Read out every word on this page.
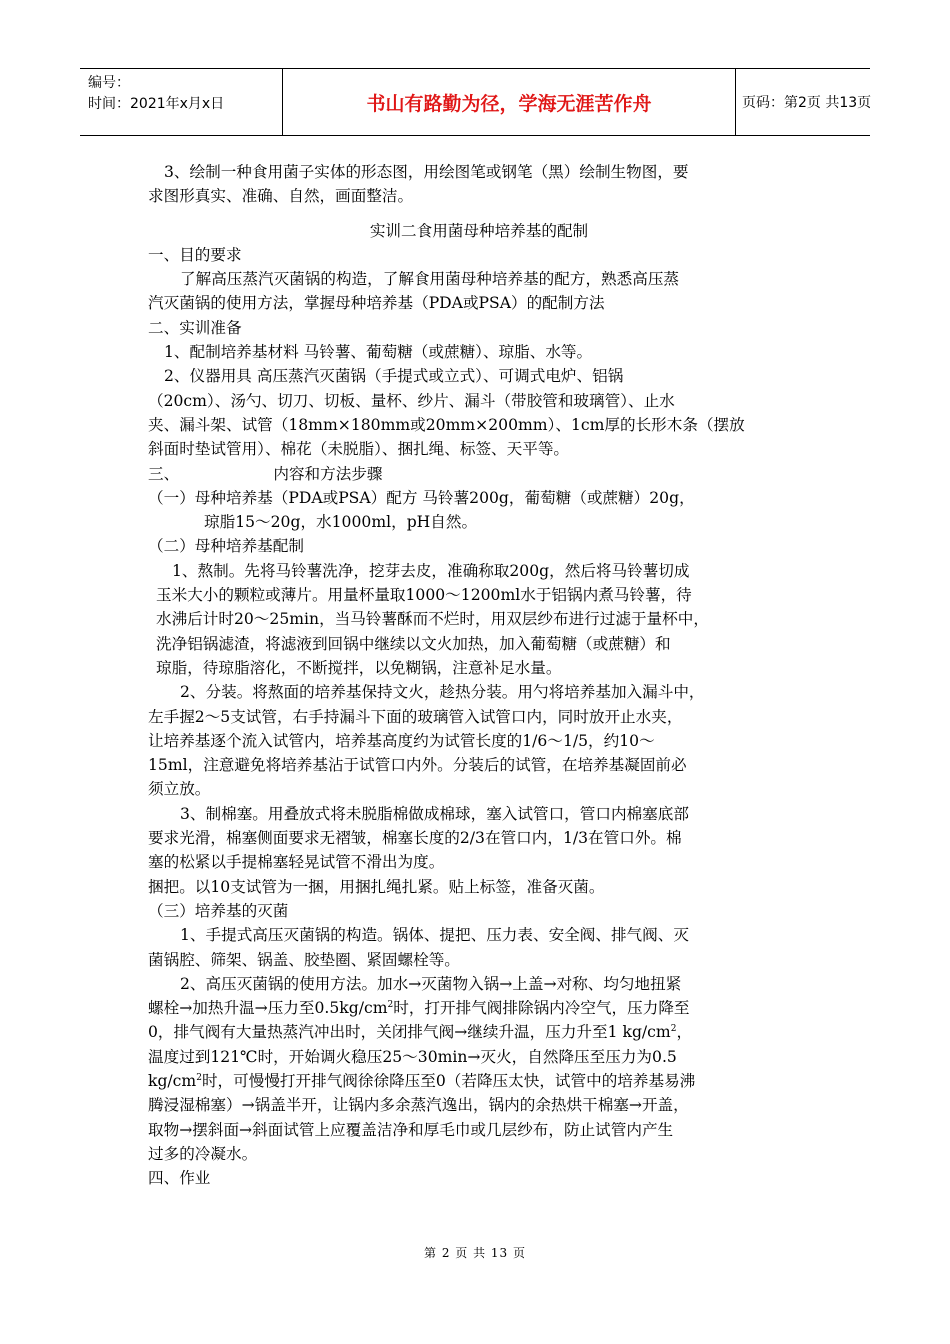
编号：
时间：2021年x月x日	书山有路勤为径，学海无涯苦作舟	页码：第2页 共13页

3、绘制一种食用菌子实体的形态图，用绘图笔或钢笔（黑）绘制生物图，要

求图形真实、准确、自然，画面整洁。

实训二食用菌母种培养基的配制

一、目的要求

了解高压蒸汽灭菌锅的构造，了解食用菌母种培养基的配方，熟悉高压蒸

汽灭菌锅的使用方法，掌握母种培养基（PDA或PSA）的配制方法

二、实训准备

1、配制培养基材料 马铃薯、葡萄糖（或蔗糖）、琼脂、水等。

2、仪器用具 高压蒸汽灭菌锅（手提式或立式）、可调式电炉、铝锅

（20cm）、汤勺、切刀、切板、量杯、纱片、漏斗（带胶管和玻璃管）、止水

夹、漏斗架、试管（18mm×180mm或20mm×200mm）、1cm厚的长形木条（摆放

斜面时垫试管用）、棉花（未脱脂）、捆扎绳、标签、天平等。

三、                   内容和方法步骤

（一）母种培养基（PDA或PSA）配方 马铃薯200g，葡萄糖（或蔗糖）20g，

琼脂15～20g，水1000ml，pH自然。

（二）母种培养基配制

1、熬制。先将马铃薯洗净，挖芽去皮，准确称取200g，然后将马铃薯切成

玉米大小的颗粒或薄片。用量杯量取1000～1200ml水于铝锅内煮马铃薯，待

水沸后计时20～25min，当马铃薯酥而不烂时，用双层纱布进行过滤于量杯中，

洗净铝锅滤渣，将滤液到回锅中继续以文火加热，加入葡萄糖（或蔗糖）和

琼脂，待琼脂溶化，不断搅拌，以免糊锅，注意补足水量。

2、分装。将熬面的培养基保持文火，趁热分装。用勺将培养基加入漏斗中，

左手握2～5支试管，右手持漏斗下面的玻璃管入试管口内，同时放开止水夹，

让培养基逐个流入试管内，培养基高度约为试管长度的1/6～1/5，约10～

15ml，注意避免将培养基沾于试管口内外。分装后的试管，在培养基凝固前必

须立放。

3、制棉塞。用叠放式将未脱脂棉做成棉球，塞入试管口，管口内棉塞底部

要求光滑，棉塞侧面要求无褶皱，棉塞长度的2/3在管口内，1/3在管口外。棉

塞的松紧以手提棉塞轻晃试管不滑出为度。

捆把。以10支试管为一捆，用捆扎绳扎紧。贴上标签，准备灭菌。

（三）培养基的灭菌

1、手提式高压灭菌锅的构造。锅体、提把、压力表、安全阀、排气阀、灭

菌锅腔、筛架、锅盖、胶垫圈、紧固螺栓等。

2、高压灭菌锅的使用方法。加水→灭菌物入锅→上盖→对称、均匀地扭紧

螺栓→加热升温→压力至$0.5kg/cm^2$时，打开排气阀排除锅内冷空气，压力降至

0，排气阀有大量热蒸汽冲出时，关闭排气阀→继续升温，压力升至1 $kg/cm^2$，

温度过到121℃时，开始调火稳压25～30min→灭火，自然降压至压力为0.5

$kg/cm^2$时，可慢慢打开排气阀徐徐降压至0（若降压太快，试管中的培养基易沸

腾浸湿棉塞）→锅盖半开，让锅内多余蒸汽逸出，锅内的余热烘干棉塞→开盖，

取物→摆斜面→斜面试管上应覆盖洁净和厚毛巾或几层纱布，防止试管内产生

过多的冷凝水。

四、作业

第 2 页 共 13 页
